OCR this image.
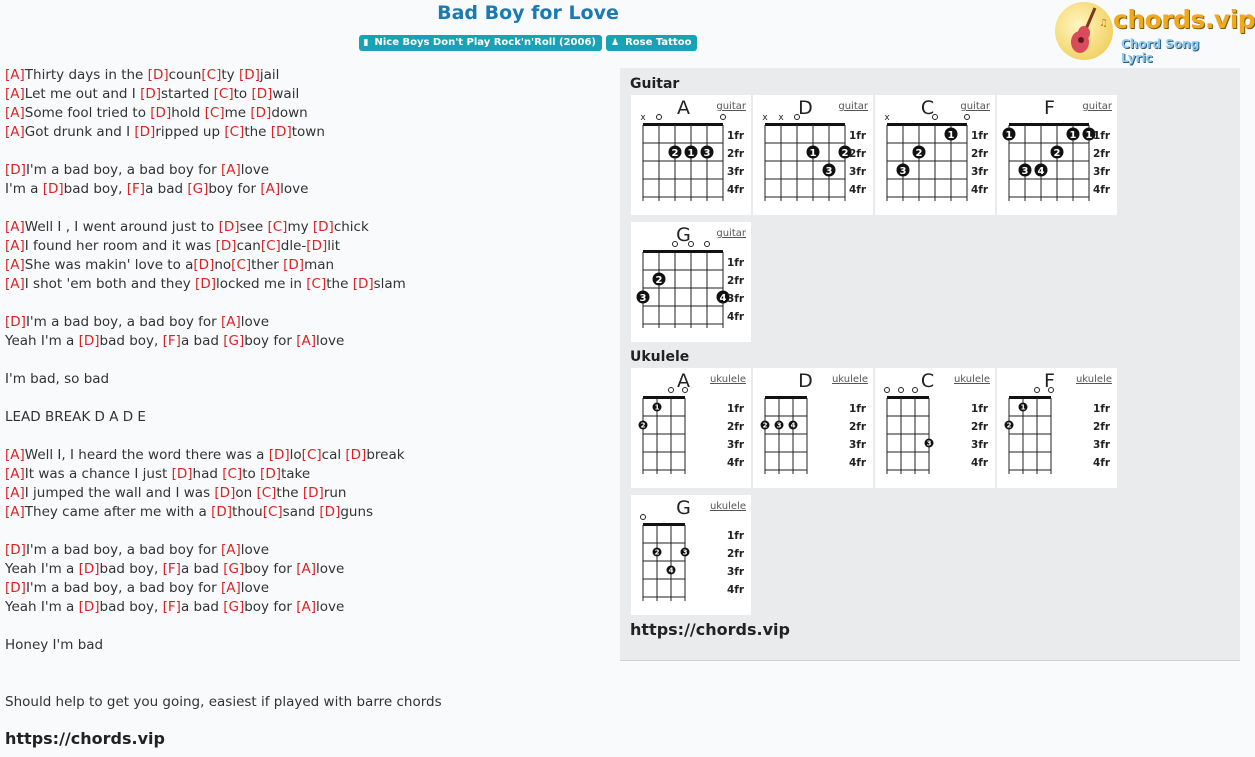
Bad Boy for Love
▮ Nice Boys Don't Play Rock'n'Roll (2006) ♟ Rose Tattoo
♫ chords.vip
Chord Song Lyric
[A]Thirty days in the [D]coun[C]ty [D]jail
[A]Let me out and I [D]started [C]to [D]wail
[A]Some fool tried to [D]hold [C]me [D]down
[A]Got drunk and I [D]ripped up [C]the [D]town
[D]I'm a bad boy, a bad boy for [A]love
I'm a [D]bad boy, [F]a bad [G]boy for [A]love
[A]Well I , I went around just to [D]see [C]my [D]chick
[A]I found her room and it was [D]can[C]dle-[D]lit
[A]She was makin' love to a[D]no[C]ther [D]man
[A]I shot 'em both and they [D]locked me in [C]the [D]slam
[D]I'm a bad boy, a bad boy for [A]love
Yeah I'm a [D]bad boy, [F]a bad [G]boy for [A]love
I'm bad, so bad
LEAD BREAK D A D E
[A]Well I, I heard the word there was a [D]lo[C]cal [D]break
[A]It was a chance I just [D]had [C]to [D]take
[A]I jumped the wall and I was [D]on [C]the [D]run
[A]They came after me with a [D]thou[C]sand [D]guns
[D]I'm a bad boy, a bad boy for [A]love
Yeah I'm a [D]bad boy, [F]a bad [G]boy for [A]love
[D]I'm a bad boy, a bad boy for [A]love
Yeah I'm a [D]bad boy, [F]a bad [G]boy for [A]love
Honey I'm bad
Should help to get you going, easiest if played with barre chords
https://chords.vip
Guitar
Ukulele
https://chords.vip
x
2 1 3
A	guitar
1fr
2fr
3fr
4fr
x x
1
3
2
D	guitar
1fr
2fr
3fr
4fr
x
3
2
1
C	guitar
1fr
2fr
3fr
4fr
1
3 4
2
1 1
F	guitar
1fr
2fr
3fr
4fr
3
2
4
G	guitar
1fr
2fr
3fr
4fr
2
1
A	ukulele
1fr
2fr
3fr
4fr
2 3 4
D	ukulele
1fr
2fr
3fr
4fr
3
C	ukulele
1fr
2fr
3fr
4fr
2
1
F	ukulele
1fr
2fr
3fr
4fr
2
4
3
G	ukulele
1fr
2fr
3fr
4fr
